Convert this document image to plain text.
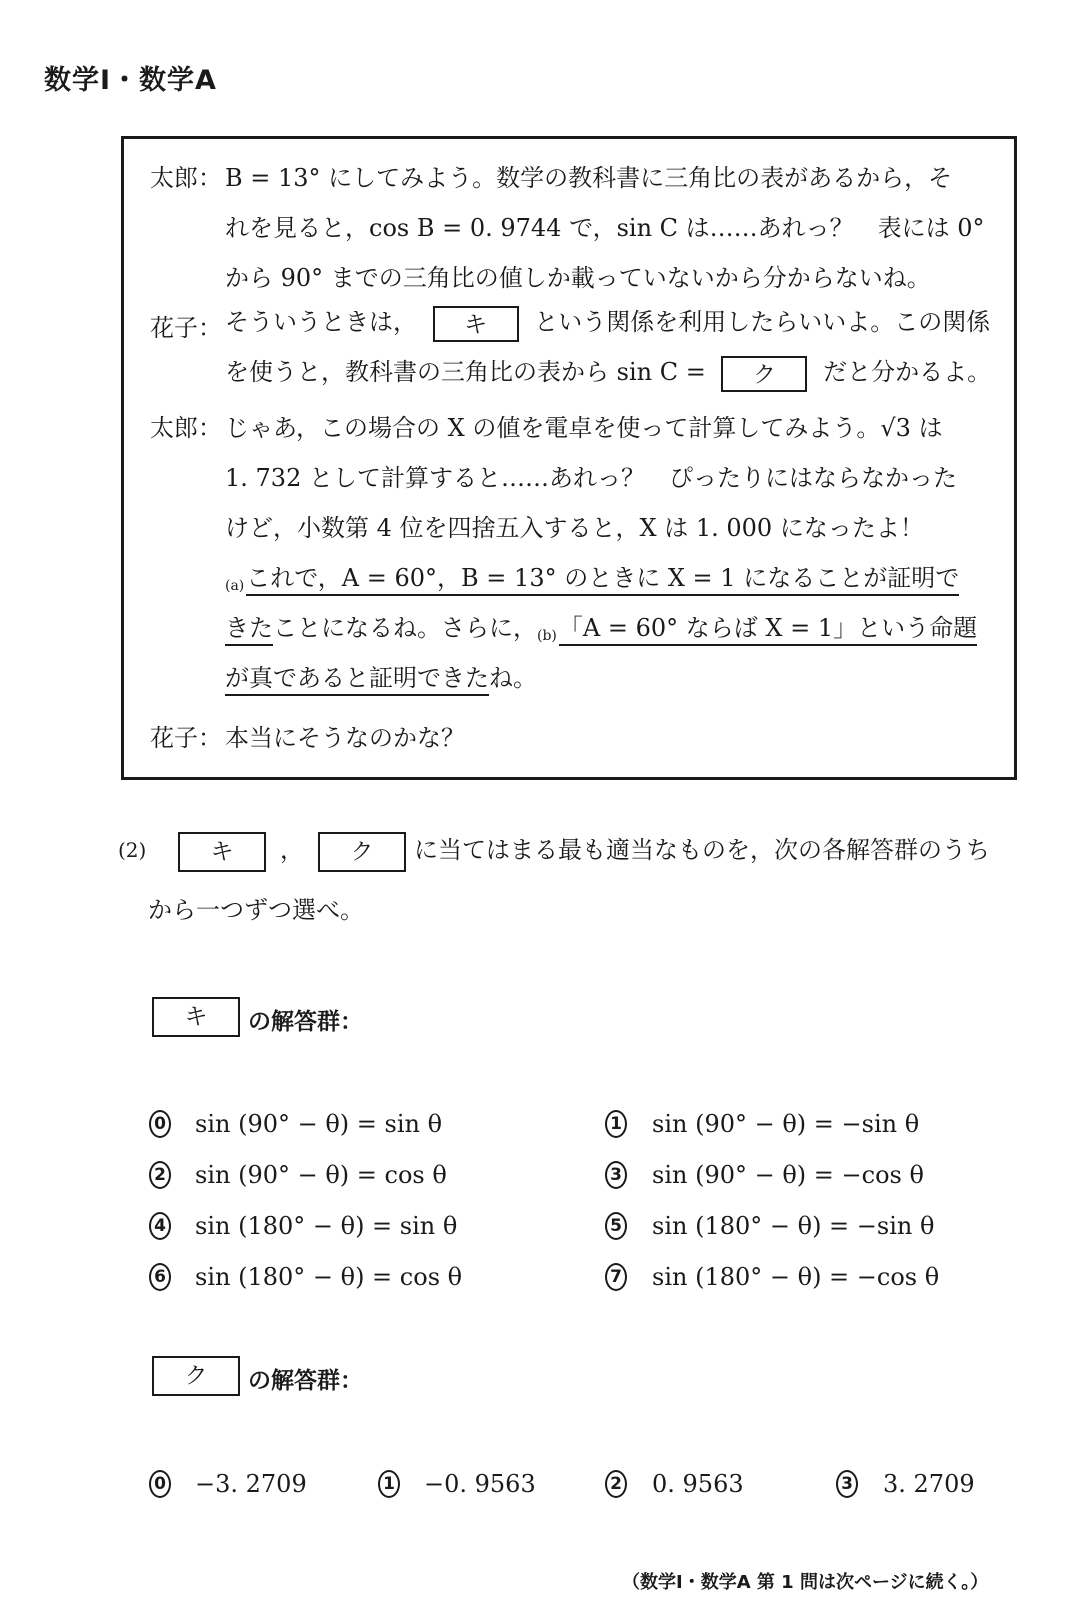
数学Ⅰ・数学A
太郎： B = 13° にしてみよう。数学の教科書に三角比の表があるから，そ
れを見ると，cos B = 0. 9744 で，sin C は……あれっ？　表には 0°
から 90° までの三角比の値しか載っていないから分からないね。
花子： そういうときは， キ という関係を利用したらいいよ。この関係
を使うと，教科書の三角比の表から sin C = ク だと分かるよ。
太郎： じゃあ，この場合の X の値を電卓を使って計算してみよう。√3 は
1. 732 として計算すると……あれっ？　ぴったりにはならなかった
けど，小数第 4 位を四捨五入すると，X は 1. 000 になったよ！
(a)これで，A = 60°，B = 13° のときに X = 1 になることが証明で
きたことになるね。さらに，(b)「A = 60° ならば X = 1」という命題
が真であると証明できたね。
花子： 本当にそうなのかな？
(2)	キ ， ク に当てはまる最も適当なものを，次の各解答群のうち
から一つずつ選べ。
キ	の解答群：
0 sin (90° − θ) = sin θ	1 sin (90° − θ) = −sin θ
2 sin (90° − θ) = cos θ	3 sin (90° − θ) = −cos θ
4 sin (180° − θ) = sin θ	5 sin (180° − θ) = −sin θ
6 sin (180° − θ) = cos θ	7 sin (180° − θ) = −cos θ
ク	の解答群：
0 −3. 2709	1 −0. 9563	2 0. 9563	3 3. 2709
（数学Ⅰ・数学A 第 1 問は次ページに続く。）
